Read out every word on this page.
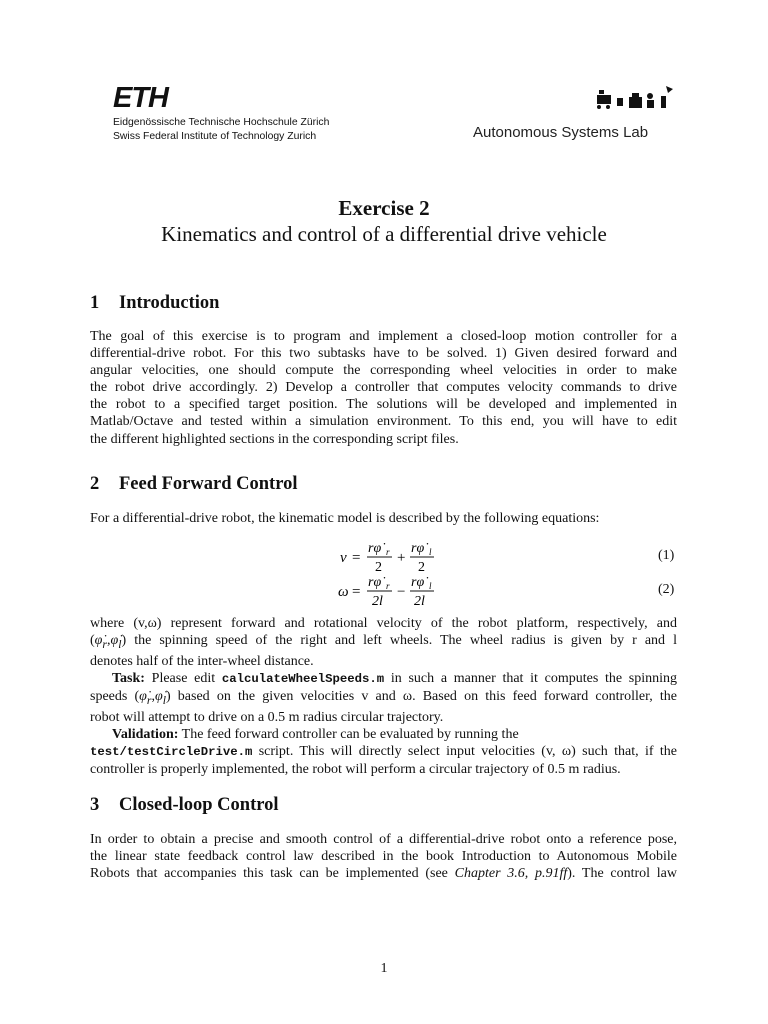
ETH
Eidgenössische Technische Hochschule Zürich
Swiss Federal Institute of Technology Zurich	Autonomous Systems Lab
Exercise 2
Kinematics and control of a differential drive vehicle
1 Introduction
The goal of this exercise is to program and implement a closed-loop motion controller for a
differential-drive robot. For this two subtasks have to be solved. 1) Given desired forward and
angular velocities, one should compute the corresponding wheel velocities in order to make
the robot drive accordingly. 2) Develop a controller that computes velocity commands to drive
the robot to a specified target position. The solutions will be developed and implemented in
Matlab/Octave and tested within a simulation environment. To this end, you will have to edit
the different highlighted sections in the corresponding script files.
2 Feed Forward Control
For a differential-drive robot, the kinematic model is described by the following equations:
v =
rφ̇ r
2
+
rφ̇ l
2
(1)
ω =
rφ̇ r
2l
−
rφ̇ l
2l
(2)
where (v,ω) represent forward and rotational velocity of the robot platform, respectively, and
$(\varphi̇_r,\varphi̇_l)$ the spinning speed of the right and left wheels. The wheel radius is given by r and l
denotes half of the inter-wheel distance.
Task: Please edit calculateWheelSpeeds.m in such a manner that it computes the spinning
speeds $(\varphi̇_r,\varphi̇_l)$ based on the given velocities v and ω. Based on this feed forward controller, the
robot will attempt to drive on a 0.5 m radius circular trajectory.
Validation: The feed forward controller can be evaluated by running the
test/testCircleDrive.m script. This will directly select input velocities (v, ω) such that, if the
controller is properly implemented, the robot will perform a circular trajectory of 0.5 m radius.
3 Closed-loop Control
In order to obtain a precise and smooth control of a differential-drive robot onto a reference pose,
the linear state feedback control law described in the book Introduction to Autonomous Mobile
Robots that accompanies this task can be implemented (see Chapter 3.6, p.91ff). The control law
1
